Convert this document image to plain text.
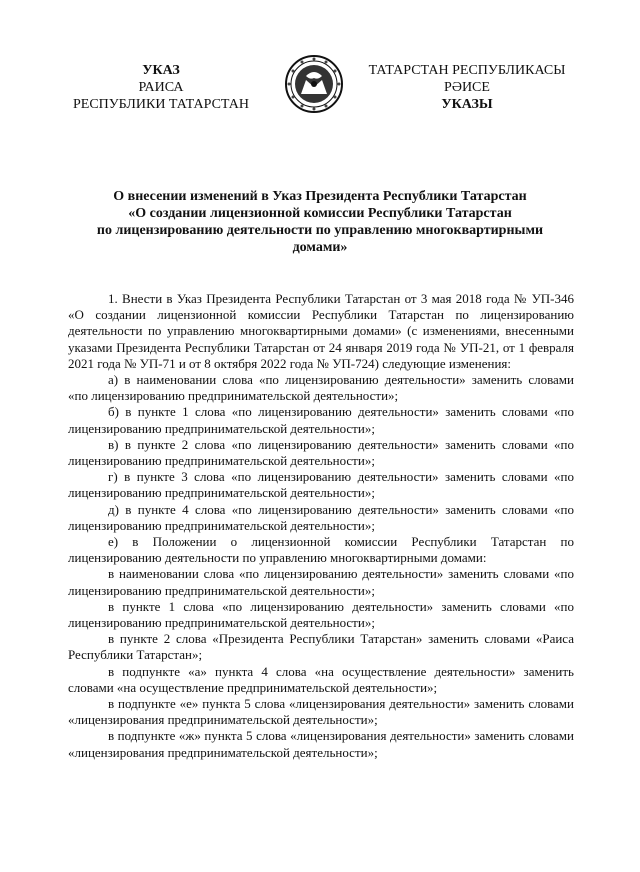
УКАЗ
РАИСА
РЕСПУБЛИКИ ТАТАРСТАН
ТАТАРСТАН РЕСПУБЛИКАСЫ
РӘИСЕ
УКАЗЫ
О внесении изменений в Указ Президента Республики Татарстан
«О создании лицензионной комиссии Республики Татарстан
по лицензированию деятельности по управлению многоквартирными
домами»

1. Внести в Указ Президента Республики Татарстан от 3 мая 2018 года № УП-346 «О создании лицензионной комиссии Республики Татарстан по лицензированию деятельности по управлению многоквартирными домами» (с изменениями, внесенными указами Президента Республики Татарстан от 24 января 2019 года № УП-21, от 1 февраля 2021 года № УП-71 и от 8 октября 2022 года № УП-724) следующие изменения:

а) в наименовании слова «по лицензированию деятельности» заменить словами «по лицензированию предпринимательской деятельности»;

б) в пункте 1 слова «по лицензированию деятельности» заменить словами «по лицензированию предпринимательской деятельности»;

в) в пункте 2 слова «по лицензированию деятельности» заменить словами «по лицензированию предпринимательской деятельности»;

г) в пункте 3 слова «по лицензированию деятельности» заменить словами «по лицензированию предпринимательской деятельности»;

д) в пункте 4 слова «по лицензированию деятельности» заменить словами «по лицензированию предпринимательской деятельности»;

е) в Положении о лицензионной комиссии Республики Татарстан по лицензированию деятельности по управлению многоквартирными домами:

в наименовании слова «по лицензированию деятельности» заменить словами «по лицензированию предпринимательской деятельности»;

в пункте 1 слова «по лицензированию деятельности» заменить словами «по лицензированию предпринимательской деятельности»;

в пункте 2 слова «Президента Республики Татарстан» заменить словами «Раиса Республики Татарстан»;

в подпункте «а» пункта 4 слова «на осуществление деятельности» заменить словами «на осуществление предпринимательской деятельности»;

в подпункте «е» пункта 5 слова «лицензирования деятельности» заменить словами «лицензирования предпринимательской деятельности»;

в подпункте «ж» пункта 5 слова «лицензирования деятельности» заменить словами «лицензирования предпринимательской деятельности»;
